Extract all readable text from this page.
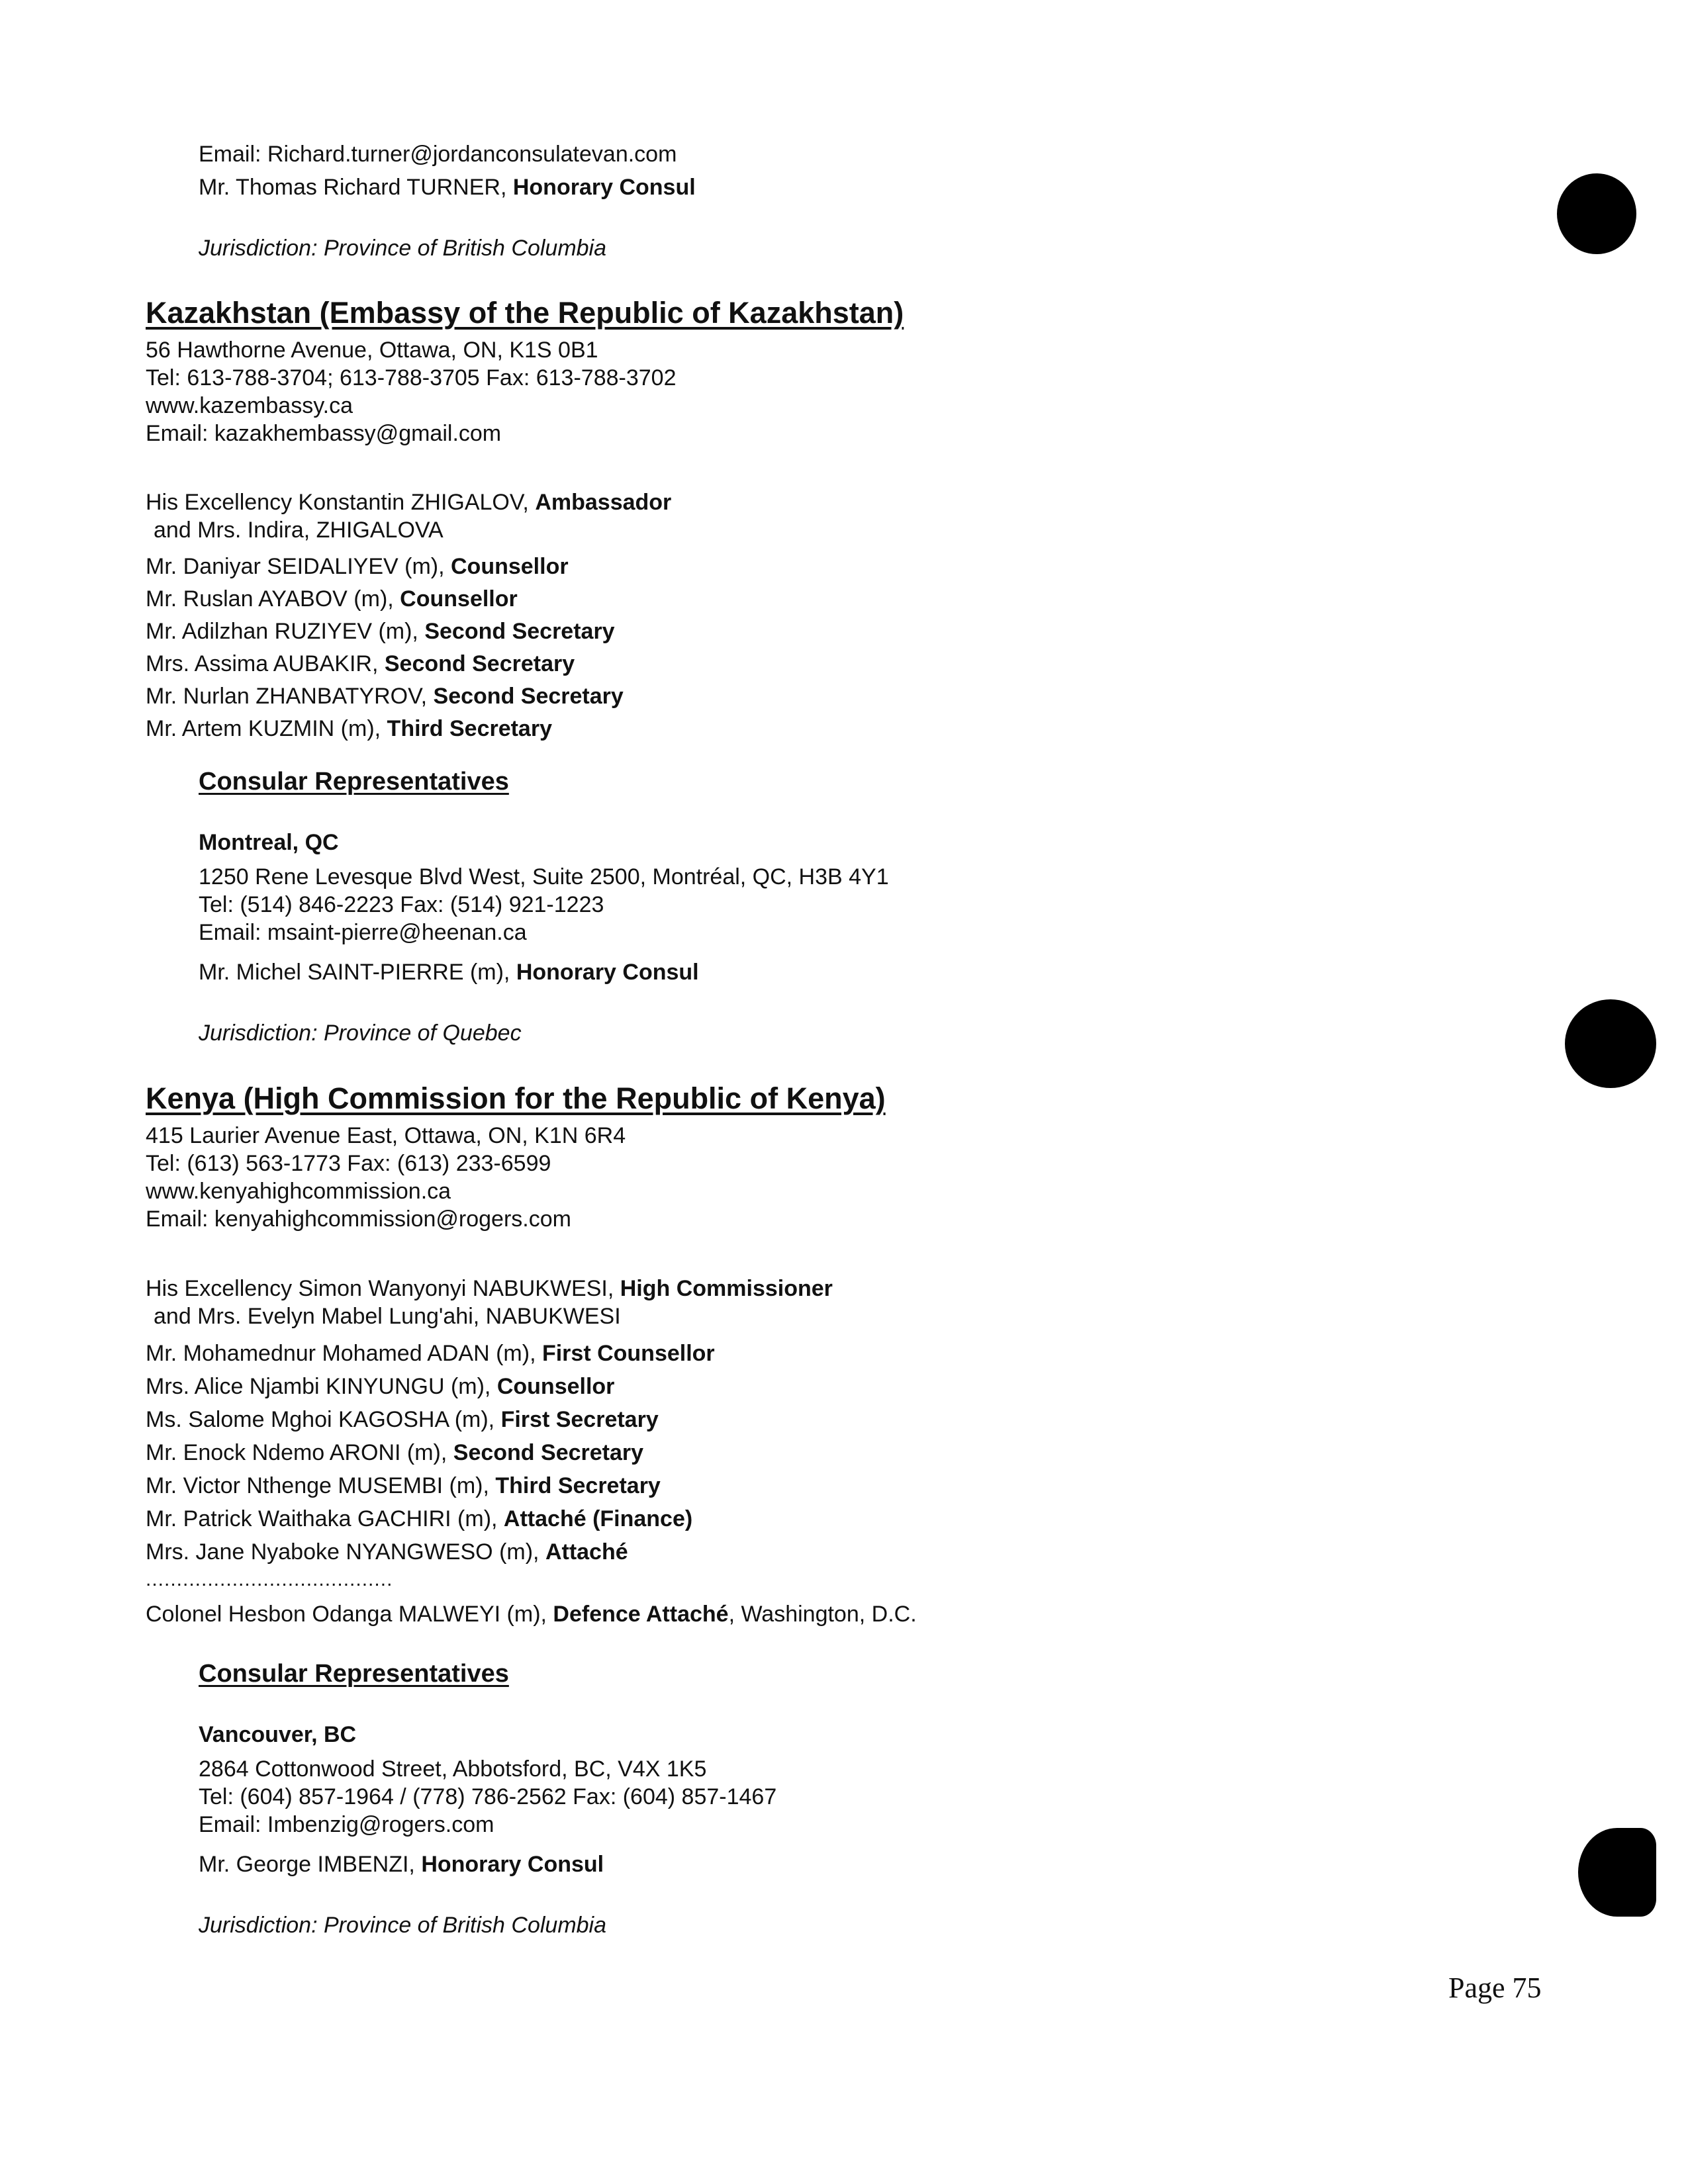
Email: Richard.turner@jordanconsulatevan.com
Mr. Thomas Richard TURNER, Honorary Consul
Jurisdiction: Province of British Columbia
Kazakhstan (Embassy of the Republic of Kazakhstan)
56 Hawthorne Avenue, Ottawa, ON, K1S 0B1
Tel: 613-788-3704; 613-788-3705 Fax: 613-788-3702
www.kazembassy.ca
Email: kazakhembassy@gmail.com
His Excellency Konstantin ZHIGALOV, Ambassador
and Mrs. Indira, ZHIGALOVA
Mr. Daniyar SEIDALIYEV (m), Counsellor
Mr. Ruslan AYABOV (m), Counsellor
Mr. Adilzhan RUZIYEV (m), Second Secretary
Mrs. Assima AUBAKIR, Second Secretary
Mr. Nurlan ZHANBATYROV, Second Secretary
Mr. Artem KUZMIN (m), Third Secretary
Consular Representatives
Montreal, QC
1250 Rene Levesque Blvd West, Suite 2500, Montréal, QC, H3B 4Y1
Tel: (514) 846-2223 Fax: (514) 921-1223
Email: msaint-pierre@heenan.ca
Mr. Michel SAINT-PIERRE (m), Honorary Consul
Jurisdiction: Province of Quebec
Kenya (High Commission for the Republic of Kenya)
415 Laurier Avenue East, Ottawa, ON, K1N 6R4
Tel: (613) 563-1773 Fax: (613) 233-6599
www.kenyahighcommission.ca
Email: kenyahighcommission@rogers.com
His Excellency Simon Wanyonyi NABUKWESI, High Commissioner
and Mrs. Evelyn Mabel Lung'ahi, NABUKWESI
Mr. Mohamednur Mohamed ADAN (m), First Counsellor
Mrs. Alice Njambi KINYUNGU (m), Counsellor
Ms. Salome Mghoi KAGOSHA (m), First Secretary
Mr. Enock Ndemo ARONI (m), Second Secretary
Mr. Victor Nthenge MUSEMBI (m), Third Secretary
Mr. Patrick Waithaka GACHIRI (m), Attaché (Finance)
Mrs. Jane Nyaboke NYANGWESO (m), Attaché
........................................
Colonel Hesbon Odanga MALWEYI (m), Defence Attaché, Washington, D.C.
Consular Representatives
Vancouver, BC
2864 Cottonwood Street, Abbotsford, BC, V4X 1K5
Tel: (604) 857-1964 / (778) 786-2562 Fax: (604) 857-1467
Email: Imbenzig@rogers.com
Mr. George IMBENZI, Honorary Consul
Jurisdiction: Province of British Columbia
Page 75
